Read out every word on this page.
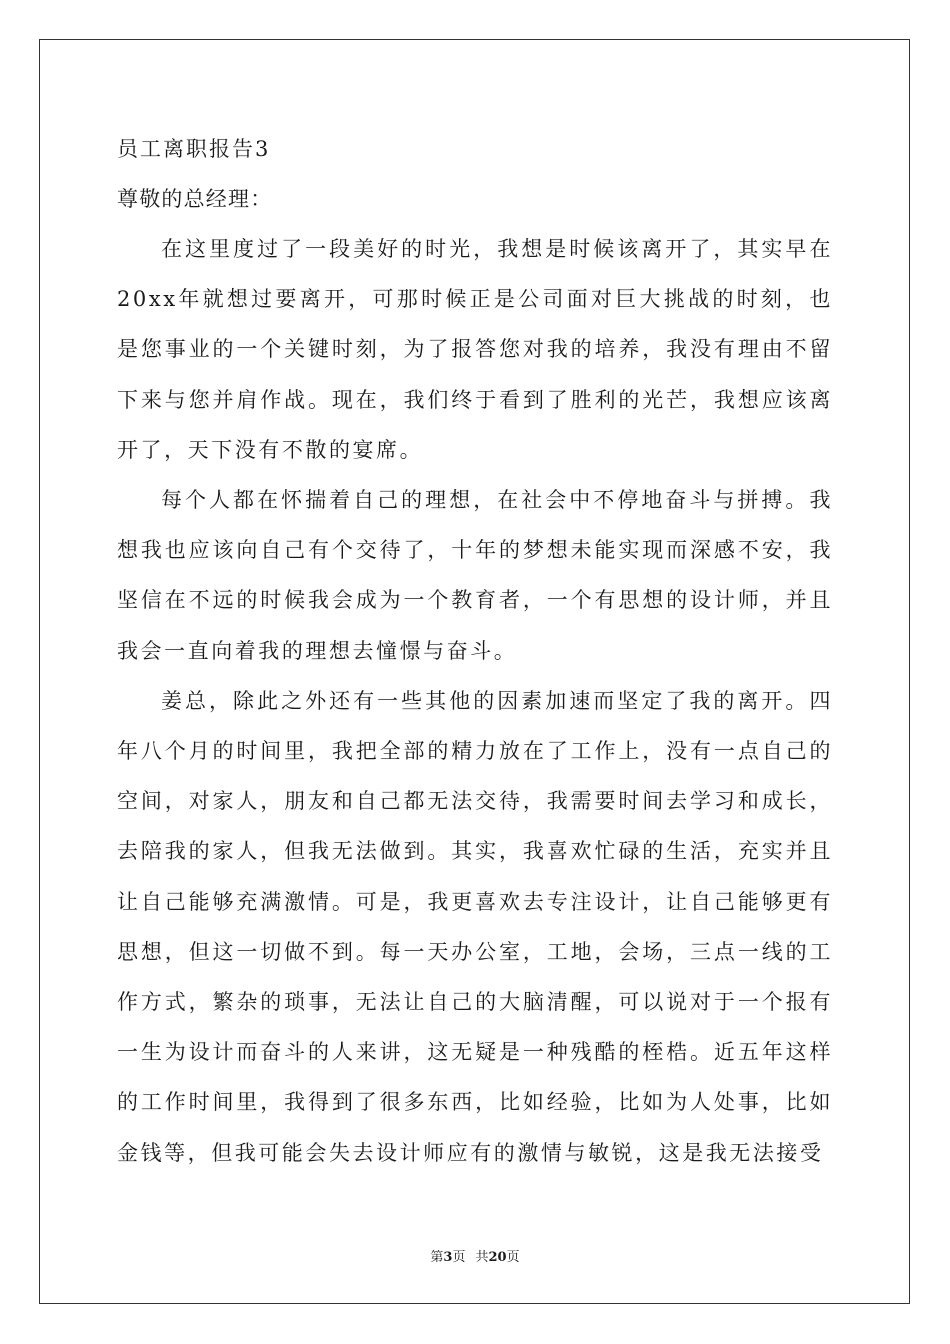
员工离职报告3

尊敬的总经理：

在这里度过了一段美好的时光，我想是时候该离开了，其实早在20xx年就想过要离开，可那时候正是公司面对巨大挑战的时刻，也是您事业的一个关键时刻，为了报答您对我的培养，我没有理由不留下来与您并肩作战。现在，我们终于看到了胜利的光芒，我想应该离开了，天下没有不散的宴席。

每个人都在怀揣着自己的理想，在社会中不停地奋斗与拼搏。我想我也应该向自己有个交待了，十年的梦想未能实现而深感不安，我坚信在不远的时候我会成为一个教育者，一个有思想的设计师，并且我会一直向着我的理想去憧憬与奋斗。

姜总，除此之外还有一些其他的因素加速而坚定了我的离开。四年八个月的时间里，我把全部的精力放在了工作上，没有一点自己的空间，对家人，朋友和自己都无法交待，我需要时间去学习和成长，去陪我的家人，但我无法做到。其实，我喜欢忙碌的生活，充实并且让自己能够充满激情。可是，我更喜欢去专注设计，让自己能够更有思想，但这一切做不到。每一天办公室，工地，会场，三点一线的工作方式，繁杂的琐事，无法让自己的大脑清醒，可以说对于一个报有一生为设计而奋斗的人来讲，这无疑是一种残酷的桎梏。近五年这样的工作时间里，我得到了很多东西，比如经验，比如为人处事，比如金钱等，但我可能会失去设计师应有的激情与敏锐，这是我无法接受

第3页 共20页
